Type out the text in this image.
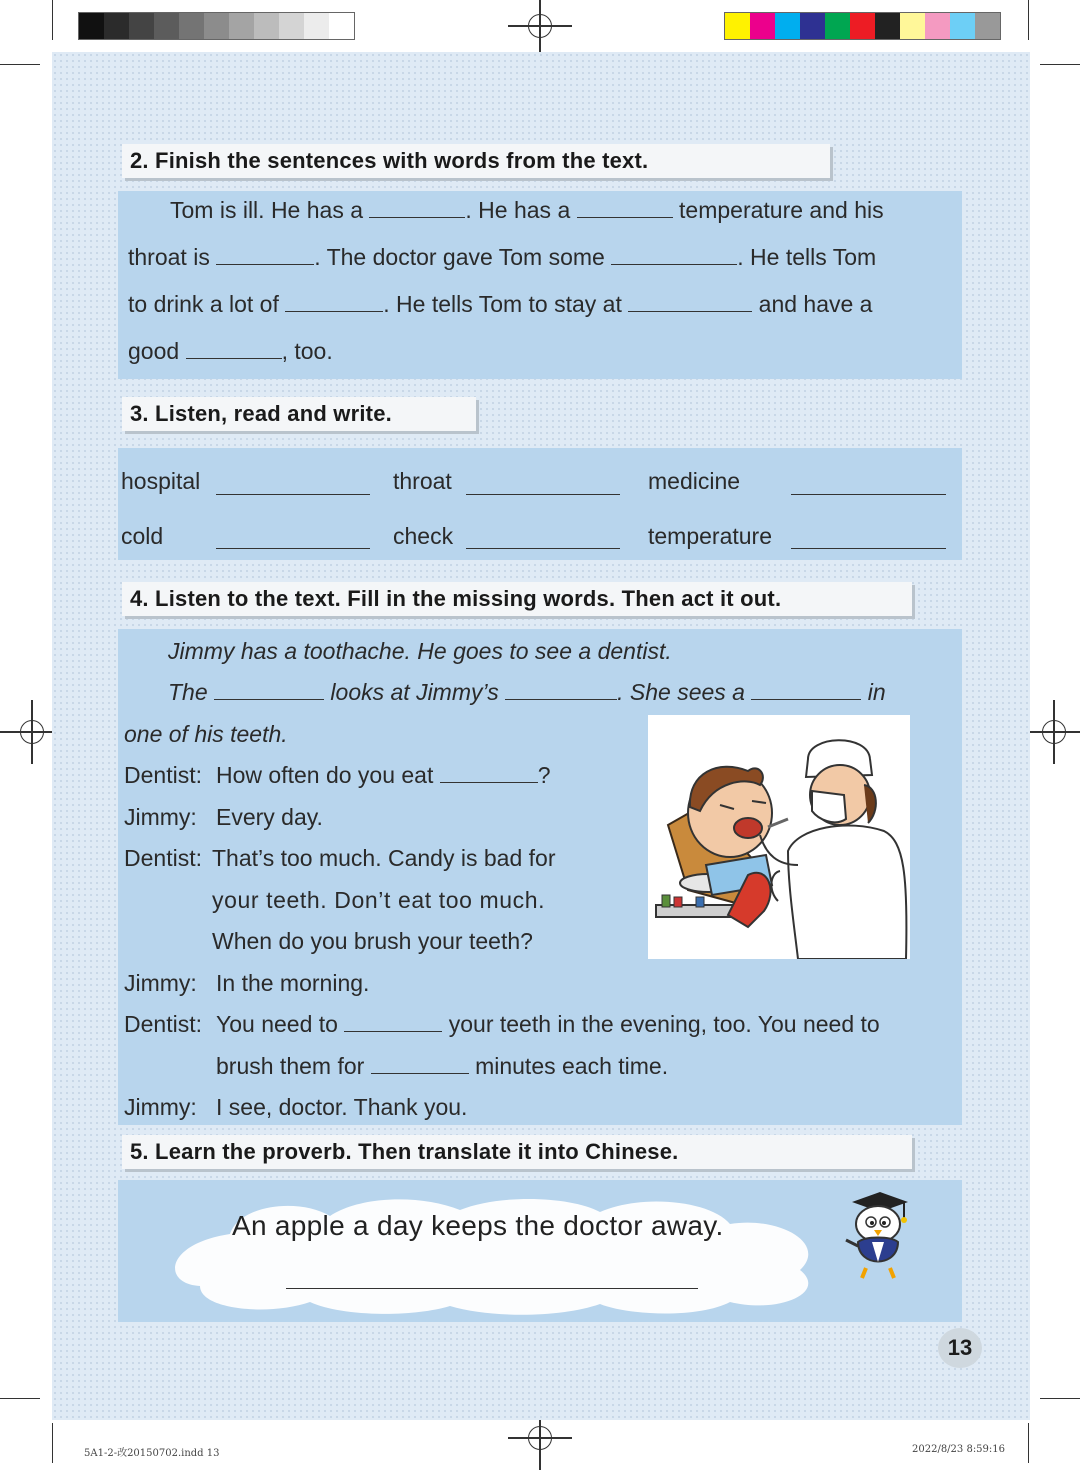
2. Finish the sentences with words from the text.
Tom is ill. He has a	. He has a	temperature and his
throat is	. The doctor gave Tom some	. He tells Tom
to drink a lot of	. He tells Tom to stay at	and have a
good	, too.
3. Listen, read and write.
hospital	throat	medicine
cold	check	temperature
4. Listen to the text. Fill in the missing words. Then act it out.
Jimmy has a toothache. He goes to see a dentist.
The	looks at Jimmy’s	. She sees a	in
one of his teeth.
Dentist: How often do you eat	?
Jimmy: Every day.
Dentist: That’s too much. Candy is bad for
your teeth. Don’t eat too much.
When do you brush your teeth?
Jimmy: In the morning.
Dentist: You need to	your teeth in the evening, too. You need to
brush them for	minutes each time.
Jimmy: I see, doctor. Thank you.
5. Learn the proverb. Then translate it into Chinese.
An apple a day keeps the doctor away.
13
5A1-2-改20150702.indd 13	2022/8/23 8:59:16
